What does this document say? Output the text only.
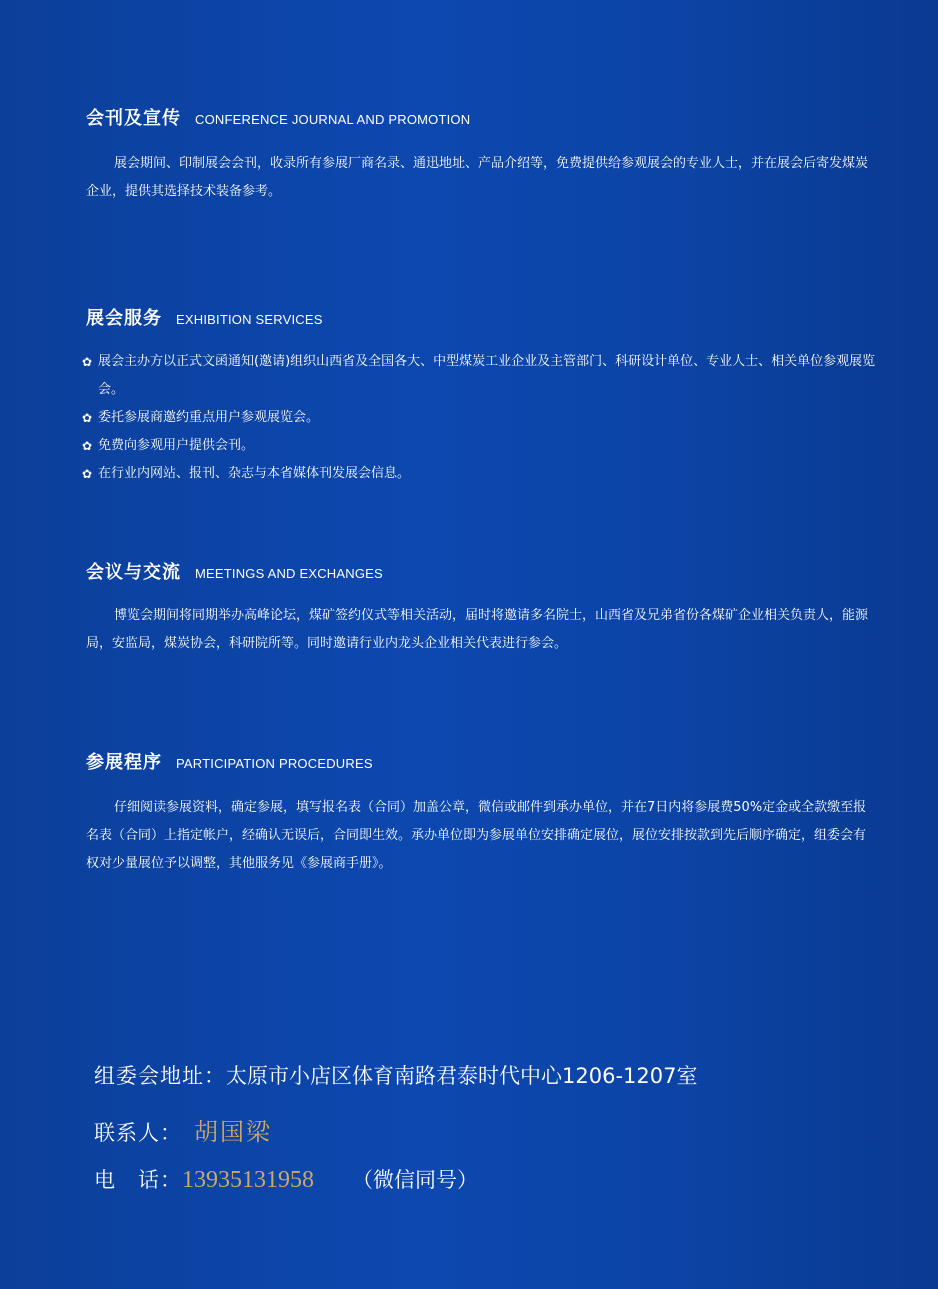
会刊及宣传 CONFERENCE JOURNAL AND PROMOTION

展会期间、印制展会会刊，收录所有参展厂商名录、通迅地址、产品介绍等，免费提供给参观展会的专业人士，并在展会后寄发煤炭企业，提供其选择技术装备参考。

展会服务 EXHIBITION SERVICES
✿ 展会主办方以正式文函通知(邀请)组织山西省及全国各大、中型煤炭工业企业及主管部门、科研设计单位、专业人士、相关单位参观展览会。
✿ 委托参展商邀约重点用户参观展览会。
✿ 免费向参观用户提供会刊。
✿ 在行业内网站、报刊、杂志与本省媒体刊发展会信息。
会议与交流 MEETINGS AND EXCHANGES

博览会期间将同期举办高峰论坛，煤矿签约仪式等相关活动，届时将邀请多名院士，山西省及兄弟省份各煤矿企业相关负责人，能源局，安监局，煤炭协会，科研院所等。同时邀请行业内龙头企业相关代表进行参会。

参展程序 PARTICIPATION PROCEDURES

仔细阅读参展资料，确定参展，填写报名表（合同）加盖公章，微信或邮件到承办单位，并在7日内将参展费50%定金或全款缴至报名表（合同）上指定帐户，经确认无误后，合同即生效。承办单位即为参展单位安排确定展位，展位安排按款到先后顺序确定，组委会有权对少量展位予以调整，其他服务见《参展商手册》。

组委会地址： 太原市小店区体育南路君泰时代中心1206-1207室
联系人： 胡国梁
电　话： 13935131958 （微信同号）
